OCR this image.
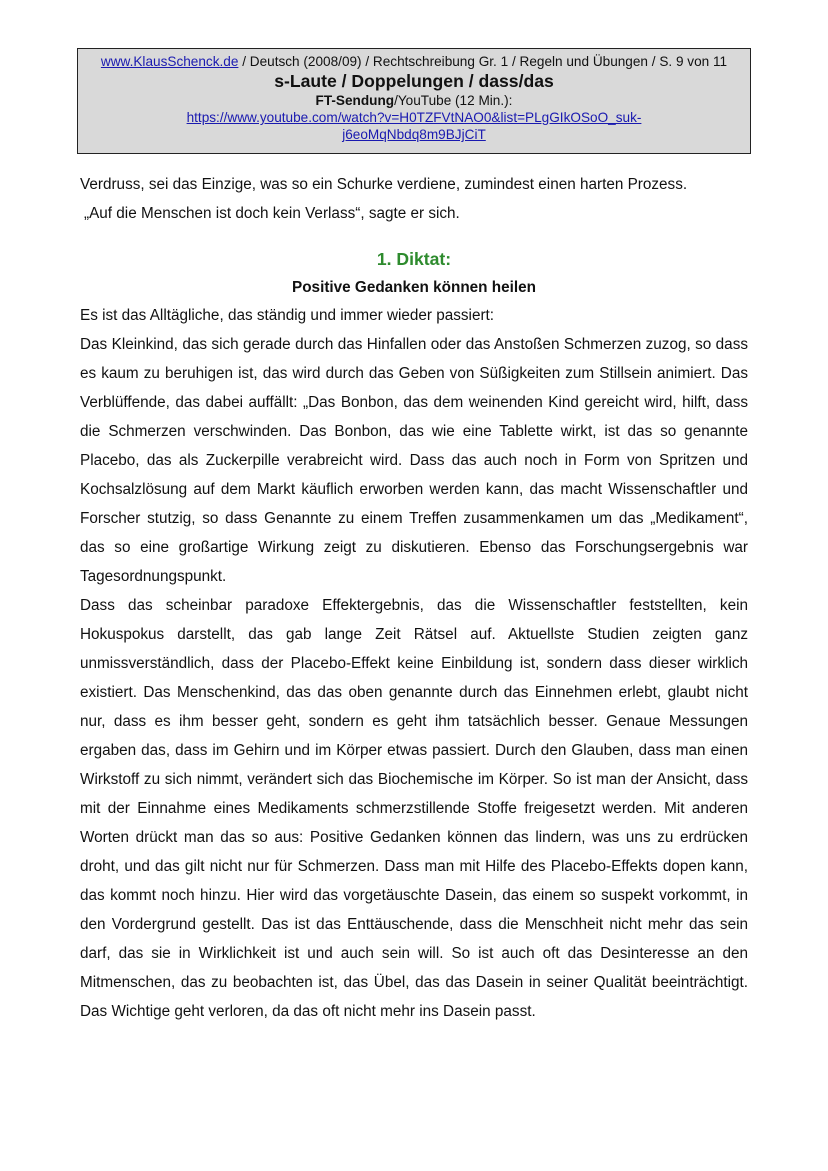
www.KlausSchenck.de / Deutsch (2008/09) / Rechtschreibung Gr. 1 / Regeln und Übungen / S. 9 von 11
s-Laute / Doppelungen / dass/das
FT-Sendung/YouTube (12 Min.):
https://www.youtube.com/watch?v=H0TZFVtNAO0&list=PLgGIkOSoO_suk-
j6eoMqNbdq8m9BJjCiT

Verdruss, sei das Einzige, was so ein Schurke verdiene, zumindest einen harten Prozess.

„Auf die Menschen ist doch kein Verlass“, sagte er sich.

1. Diktat:
Positive Gedanken können heilen

Es ist das Alltägliche, das ständig und immer wieder passiert:

Das Kleinkind, das sich gerade durch das Hinfallen oder das Anstoßen Schmerzen zuzog, so dass es kaum zu beruhigen ist, das wird durch das Geben von Süßigkeiten zum Stillsein animiert. Das Verblüffende, das dabei auffällt: „Das Bonbon, das dem weinenden Kind gereicht wird, hilft, dass die Schmerzen verschwinden. Das Bonbon, das wie eine Tablette wirkt, ist das so genannte Placebo, das als Zuckerpille verabreicht wird. Dass das auch noch in Form von Spritzen und Kochsalzlösung auf dem Markt käuflich erworben werden kann, das macht Wissenschaftler und Forscher stutzig, so dass Genannte zu einem Treffen zusammenkamen um das „Medikament“, das so eine großartige Wirkung zeigt zu diskutieren. Ebenso das Forschungsergebnis war Tagesordnungspunkt.

Dass das scheinbar paradoxe Effektergebnis, das die Wissenschaftler feststellten, kein Hokuspokus darstellt, das gab lange Zeit Rätsel auf. Aktuellste Studien zeigten ganz unmissverständlich, dass der Placebo-Effekt keine Einbildung ist, sondern dass dieser wirklich existiert. Das Menschenkind, das das oben genannte durch das Einnehmen erlebt, glaubt nicht nur, dass es ihm besser geht, sondern es geht ihm tatsächlich besser. Genaue Messungen ergaben das, dass im Gehirn und im Körper etwas passiert. Durch den Glauben, dass man einen Wirkstoff zu sich nimmt, verändert sich das Biochemische im Körper. So ist man der Ansicht, dass mit der Einnahme eines Medikaments schmerzstillende Stoffe freigesetzt werden. Mit anderen Worten drückt man das so aus: Positive Gedanken können das lindern, was uns zu erdrücken droht, und das gilt nicht nur für Schmerzen. Dass man mit Hilfe des Placebo-Effekts dopen kann, das kommt noch hinzu. Hier wird das vorgetäuschte Dasein, das einem so suspekt vorkommt, in den Vordergrund gestellt. Das ist das Enttäuschende, dass die Menschheit nicht mehr das sein darf, das sie in Wirklichkeit ist und auch sein will. So ist auch oft das Desinteresse an den Mitmenschen, das zu beobachten ist, das Übel, das das Dasein in seiner Qualität beeinträchtigt. Das Wichtige geht verloren, da das oft nicht mehr ins Dasein passt.
